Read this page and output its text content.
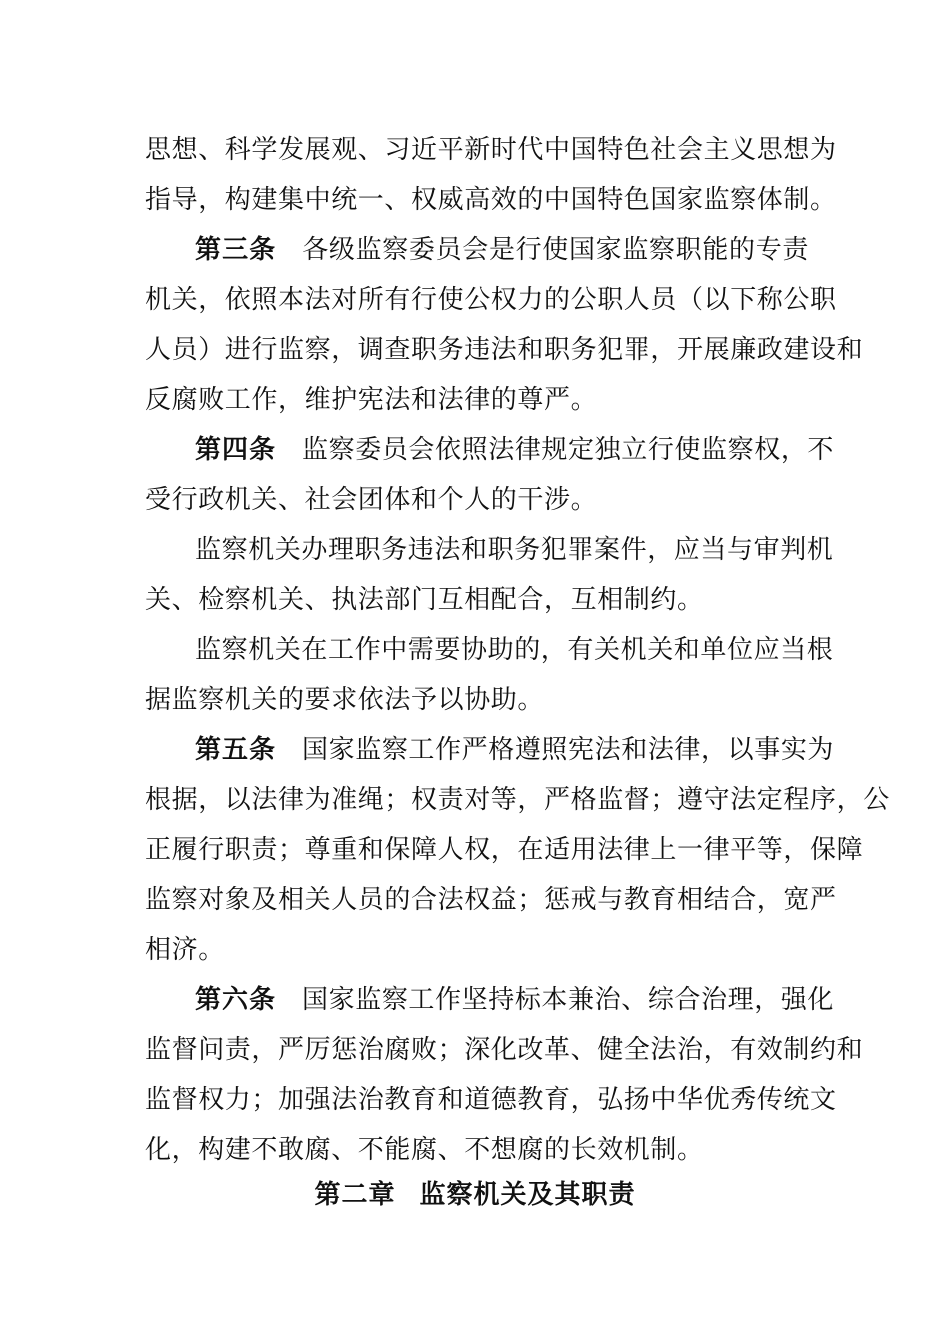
思想、科学发展观、习近平新时代中国特色社会主义思想为
指导，构建集中统一、权威高效的中国特色国家监察体制。
第三条 各级监察委员会是行使国家监察职能的专责
机关，依照本法对所有行使公权力的公职人员（以下称公职
人员）进行监察，调查职务违法和职务犯罪，开展廉政建设和
反腐败工作，维护宪法和法律的尊严。
第四条 监察委员会依照法律规定独立行使监察权，不
受行政机关、社会团体和个人的干涉。
监察机关办理职务违法和职务犯罪案件，应当与审判机
关、检察机关、执法部门互相配合，互相制约。
监察机关在工作中需要协助的，有关机关和单位应当根
据监察机关的要求依法予以协助。
第五条 国家监察工作严格遵照宪法和法律，以事实为
根据，以法律为准绳；权责对等，严格监督；遵守法定程序，公
正履行职责；尊重和保障人权，在适用法律上一律平等，保障
监察对象及相关人员的合法权益；惩戒与教育相结合，宽严
相济。
第六条 国家监察工作坚持标本兼治、综合治理，强化
监督问责，严厉惩治腐败；深化改革、健全法治，有效制约和
监督权力；加强法治教育和道德教育，弘扬中华优秀传统文
化，构建不敢腐、不能腐、不想腐的长效机制。
第二章 监察机关及其职责
